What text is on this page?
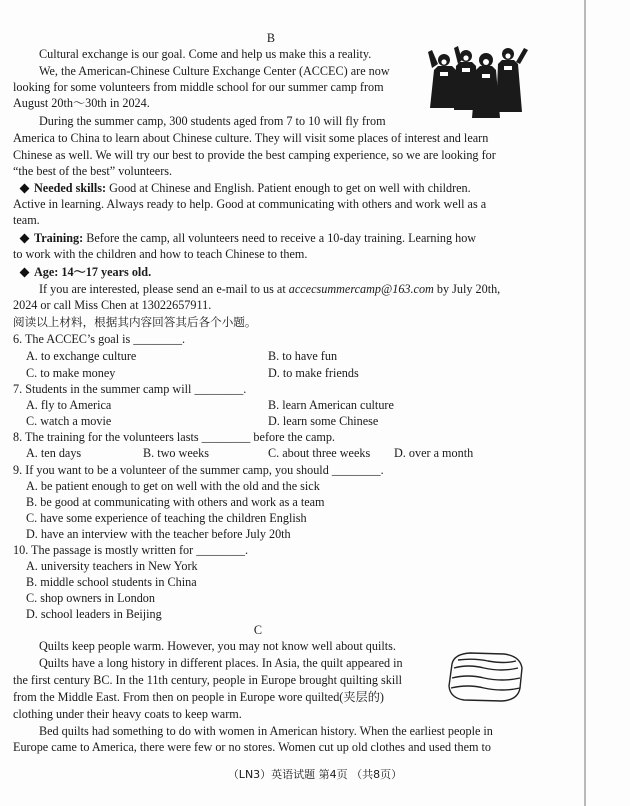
B
Cultural exchange is our goal. Come and help us make this a reality.
We, the American-Chinese Culture Exchange Center (ACCEC) are now
looking for some volunteers from middle school for our summer camp from
August 20th～30th in 2024.
During the summer camp, 300 students aged from 7 to 10 will fly from
America to China to learn about Chinese culture. They will visit some places of interest and learn
Chinese as well. We will try our best to provide the best camping experience, so we are looking for
“the best of the best” volunteers.
Needed skills: Good at Chinese and English. Patient enough to get on well with children.
Active in learning. Always ready to help. Good at communicating with others and work well as a
team.
Training: Before the camp, all volunteers need to receive a 10-day training. Learning how
to work with the children and how to teach Chinese to them.
Age: 14～17 years old.
If you are interested, please send an e-mail to us at accecsummercamp@163.com by July 20th,
2024 or call Miss Chen at 13022657911.
阅读以上材料，根据其内容回答其后各个小题。
6. The ACCEC’s goal is ________.
A. to exchange culture	B. to have fun
C. to make money	D. to make friends
7. Students in the summer camp will ________.
A. fly to America	B. learn American culture
C. watch a movie	D. learn some Chinese
8. The training for the volunteers lasts ________ before the camp.
A. ten days	B. two weeks	C. about three weeks D. over a month
9. If you want to be a volunteer of the summer camp, you should ________.
A. be patient enough to get on well with the old and the sick
B. be good at communicating with others and work as a team
C. have some experience of teaching the children English
D. have an interview with the teacher before July 20th
10. The passage is mostly written for ________.
A. university teachers in New York
B. middle school students in China
C. shop owners in London
D. school leaders in Beijing
C
Quilts keep people warm. However, you may not know well about quilts.
Quilts have a long history in different places. In Asia, the quilt appeared in
the first century BC. In the 11th century, people in Europe brought quilting skill
from the Middle East. From then on people in Europe wore quilted(夹层的)
clothing under their heavy coats to keep warm.
Bed quilts had something to do with women in American history. When the earliest people in
Europe came to America, there were few or no stores. Women cut up old clothes and used them to
（LN3）英语试题 第4页 （共8页）
